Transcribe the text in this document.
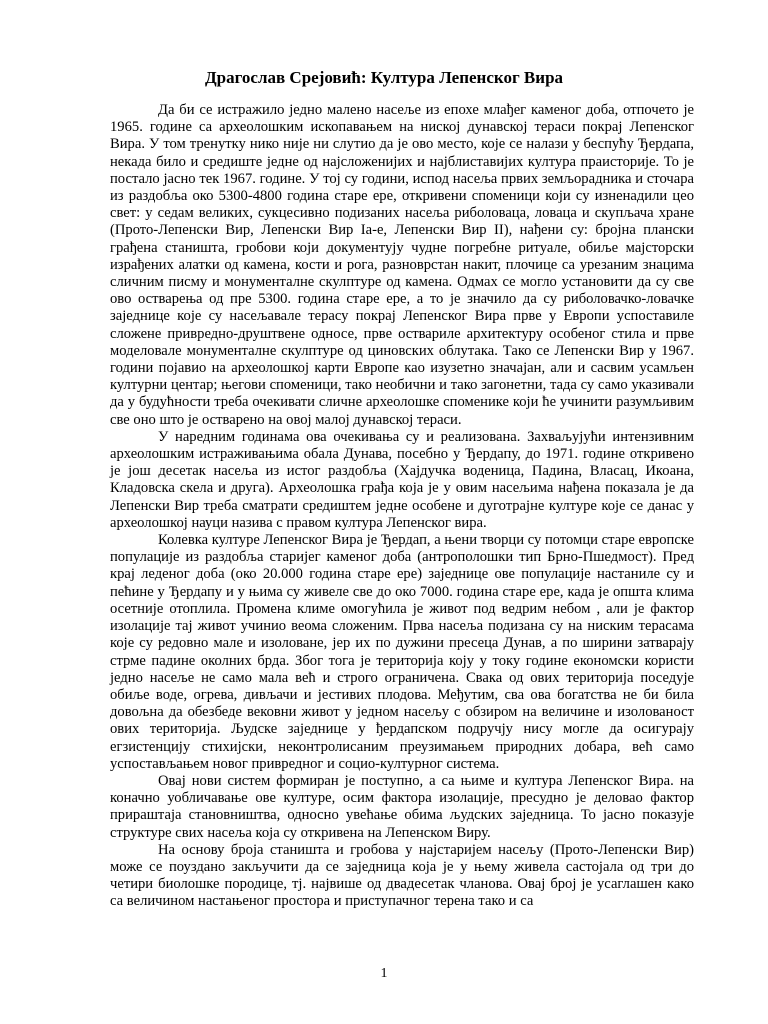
Драгослав Срејовић: Култура Лепенског Вира

Да би се истражило једно малено насеље из епохе млађег каменог доба, отпочето је 1965. године са археолошким ископавањем на ниској дунавској тераси покрај Лепенског Вира. У том тренутку нико није ни слутио да је ово место, које се налази у беспућу Ђердапа, некада било и средиште једне од најсложенијих и најблиставијих култура праисторије. То је постало јасно тек 1967. године. У тој су години, испод насеља првих земљорадника и сточара из раздобља око 5300-4800 година старе ере, откривени споменици који су изненадили цео свет: у седам великих, сукцесивно подизаних насеља риболоваца, ловаца и скупљача хране (Прото-Лепенски Вир, Лепенски Вир Ia-e, Лепенски Вир II), нађени су: бројна плански грађена станишта, гробови који документују чудне погребне ритуале, обиље мајсторски израђених алатки од камена, кости и рога, разноврстан накит, плочице са урезаним знацима сличним писму и монументалне скулптуре од камена. Одмах се могло установити да су све ово остварења од пре 5300. година старе ере, а то је значило да су риболовачко-ловачке заједнице које су насељавале терасу покрај Лепенског Вира прве у Европи успоставиле сложене привредно-друштвене односе, прве оствариле архитектуру особеног стила и прве моделовале монументалне скулптуре од циновских облутака. Тако се Лепенски Вир у 1967. години појавио на археолошкој карти Европе као изузетно значајан, али и сасвим усамљен културни центар; његови споменици, тако необични и тако загонетни, тада су само указивали да у будућности треба очекивати сличне археолошке споменике који ће учинити разумљивим све оно што је остварено на овој малој дунавској тераси.

У наредним годинама ова очекивања су и реализована. Захваљујући интензивним археолошким истраживањима обала Дунава, посебно у Ђердапу, до 1971. године откривено је још десетак насеља из истог раздобља (Хајдучка воденица, Падина, Власац, Икоана, Кладовска скела и друга). Археолошка грађа која је у овим насељима нађена показала је да Лепенски Вир треба сматрати средиштем једне особене и дуготрајне културе које се данас у археолошкој науци назива с правом култура Лепенског вира.

Колевка културе Лепенског Вира је Ђердап, а њени творци су потомци старе европске популације из раздобља старијег каменог доба (антрополошки тип Брно-Пшедмост). Пред крај леденог доба (око 20.000 година старе ере) заједнице ове популације настаниле су и пећине у Ђердапу и у њима су живеле све до око 7000. година старе ере, када је општа клима осетније отоплила. Промена климе омогућила је живот под ведрим небом , али је фактор изолације тај живот учинио веома сложеним. Прва насеља подизана су на ниским терасама које су редовно мале и изоловане, јер их по дужини пресеца Дунав, а по ширини затварају стрме падине околних брда. Због тога је територија коју у току године економски користи једно насеље не само мала већ и строго ограничена. Свака од ових територија поседује обиље воде, огрева, дивљачи и јестивих плодова. Међутим, сва ова богатства не би била довољна да обезбеде вековни живот у једном насељу с обзиром на величине и изолованост ових територија. Људске заједнице у ђердапском подручју нису могле да осигурају егзистенцију стихијски, неконтролисаним преузимањем природних добара, већ само успостављањем новог привредног и социо-културног система.

Овај нови систем формиран је поступно, а са њиме и култура Лепенског Вира. на коначно уобличавање ове културе, осим фактора изолације, пресудно је деловао фактор прираштаја становништва, односно увећање обима људских заједница. То јасно показује структуре свих насеља која су откривена на Лепенском Виру.

На основу броја станишта и гробова у најстаријем насељу (Прото-Лепенски Вир) може се поуздано закључити да се заједница која је у њему живела састојала од три до четири биолошке породице, тј. највише од двадесетак чланова. Овај број је усаглашен како са величином настањеног простора и приступачног терена тако и са

1
